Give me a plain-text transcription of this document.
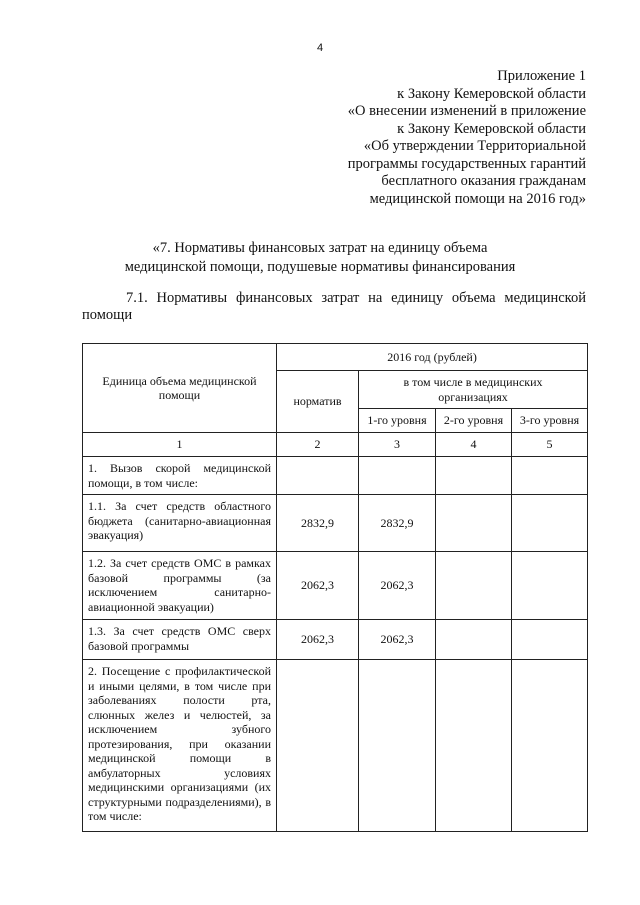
4
Приложение 1
к Закону Кемеровской области
«О внесении изменений в приложение
к Закону Кемеровской области
«Об утверждении Территориальной
программы государственных гарантий
бесплатного оказания гражданам
медицинской помощи на 2016 год»
«7. Нормативы финансовых затрат на единицу объема
медицинской помощи, подушевые нормативы финансирования
7.1. Нормативы финансовых затрат на единицу объема медицинской
помощи
Единица объема медицинской помощи	2016 год (рублей)			
	норматив	в том числе в медицинских организациях		
		1-го уровня	2-го уровня	3-го уровня
1	2	3	4	5
1. Вызов скорой медицинской помощи, в том числе:				
1.1. За счет средств областного бюджета (санитарно-авиационная эвакуация)	2832,9	2832,9		
1.2. За счет средств ОМС в рамках базовой программы (за исключением санитарно-авиационной эвакуации)	2062,3	2062,3		
1.3. За счет средств ОМС сверх базовой программы	2062,3	2062,3		
2. Посещение с профилактической и иными целями, в том числе при заболеваниях полости рта, слюнных желез и челюстей, за исключением зубного протезирования, при оказании медицинской помощи в амбулаторных условиях медицинскими организациями (их структурными подразделениями), в том числе:				
